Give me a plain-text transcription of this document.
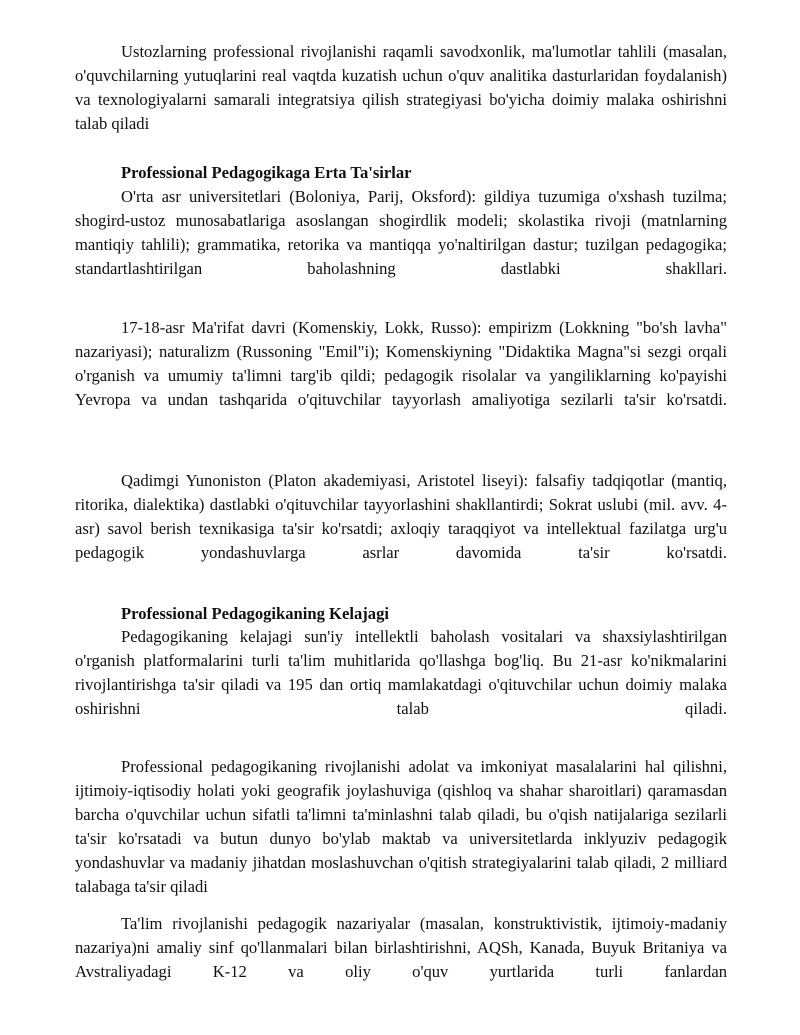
Ustozlarning professional rivojlanishi raqamli savodxonlik, ma'lumotlar tahlili (masalan, o'quvchilarning yutuqlarini real vaqtda kuzatish uchun o'quv analitika dasturlaridan foydalanish) va texnologiyalarni samarali integratsiya qilish strategiyasi bo'yicha doimiy malaka oshirishni talab qiladi

Professional Pedagogikaga Erta Ta'sirlar

O'rta asr universitetlari (Boloniya, Parij, Oksford): gildiya tuzumiga o'xshash tuzilma; shogird-ustoz munosabatlariga asoslangan shogirdlik modeli; skolastika rivoji (matnlarning mantiqiy tahlili); grammatika, retorika va mantiqqa yo'naltirilgan dastur; tuzilgan pedagogika; standartlashtirilgan baholashning dastlabki shakllari.

17-18-asr Ma'rifat davri (Komenskiy, Lokk, Russo): empirizm (Lokkning "bo'sh lavha" nazariyasi); naturalizm (Russoning "Emil"i); Komenskiyning "Didaktika Magna"si sezgi orqali o'rganish va umumiy ta'limni targ'ib qildi; pedagogik risolalar va yangiliklarning ko'payishi Yevropa va undan tashqarida o'qituvchilar tayyorlash amaliyotiga sezilarli ta'sir ko'rsatdi.

Qadimgi Yunoniston (Platon akademiyasi, Aristotel liseyi): falsafiy tadqiqotlar (mantiq, ritorika, dialektika) dastlabki o'qituvchilar tayyorlashini shakllantirdi; Sokrat uslubi (mil. avv. 4-asr) savol berish texnikasiga ta'sir ko'rsatdi; axloqiy taraqqiyot va intellektual fazilatga urg'u pedagogik yondashuvlarga asrlar davomida ta'sir ko'rsatdi.

Professional Pedagogikaning Kelajagi

Pedagogikaning kelajagi sun'iy intellektli baholash vositalari va shaxsiylashtirilgan o'rganish platformalarini turli ta'lim muhitlarida qo'llashga bog'liq. Bu 21-asr ko'nikmalarini rivojlantirishga ta'sir qiladi va 195 dan ortiq mamlakatdagi o'qituvchilar uchun doimiy malaka oshirishni talab qiladi.

Professional pedagogikaning rivojlanishi adolat va imkoniyat masalalarini hal qilishni, ijtimoiy-iqtisodiy holati yoki geografik joylashuviga (qishloq va shahar sharoitlari) qaramasdan barcha o'quvchilar uchun sifatli ta'limni ta'minlashni talab qiladi, bu o'qish natijalariga sezilarli ta'sir ko'rsatadi va butun dunyo bo'ylab maktab va universitetlarda inklyuziv pedagogik yondashuvlar va madaniy jihatdan moslashuvchan o'qitish strategiyalarini talab qiladi, 2 milliard talabaga ta'sir qiladi

Ta'lim rivojlanishi pedagogik nazariyalar (masalan, konstruktivistik, ijtimoiy-madaniy nazariya)ni amaliy sinf qo'llanmalari bilan birlashtirishni, AQSh, Kanada, Buyuk Britaniya va Avstraliyadagi K-12 va oliy o'quv yurtlarida turli fanlardan
